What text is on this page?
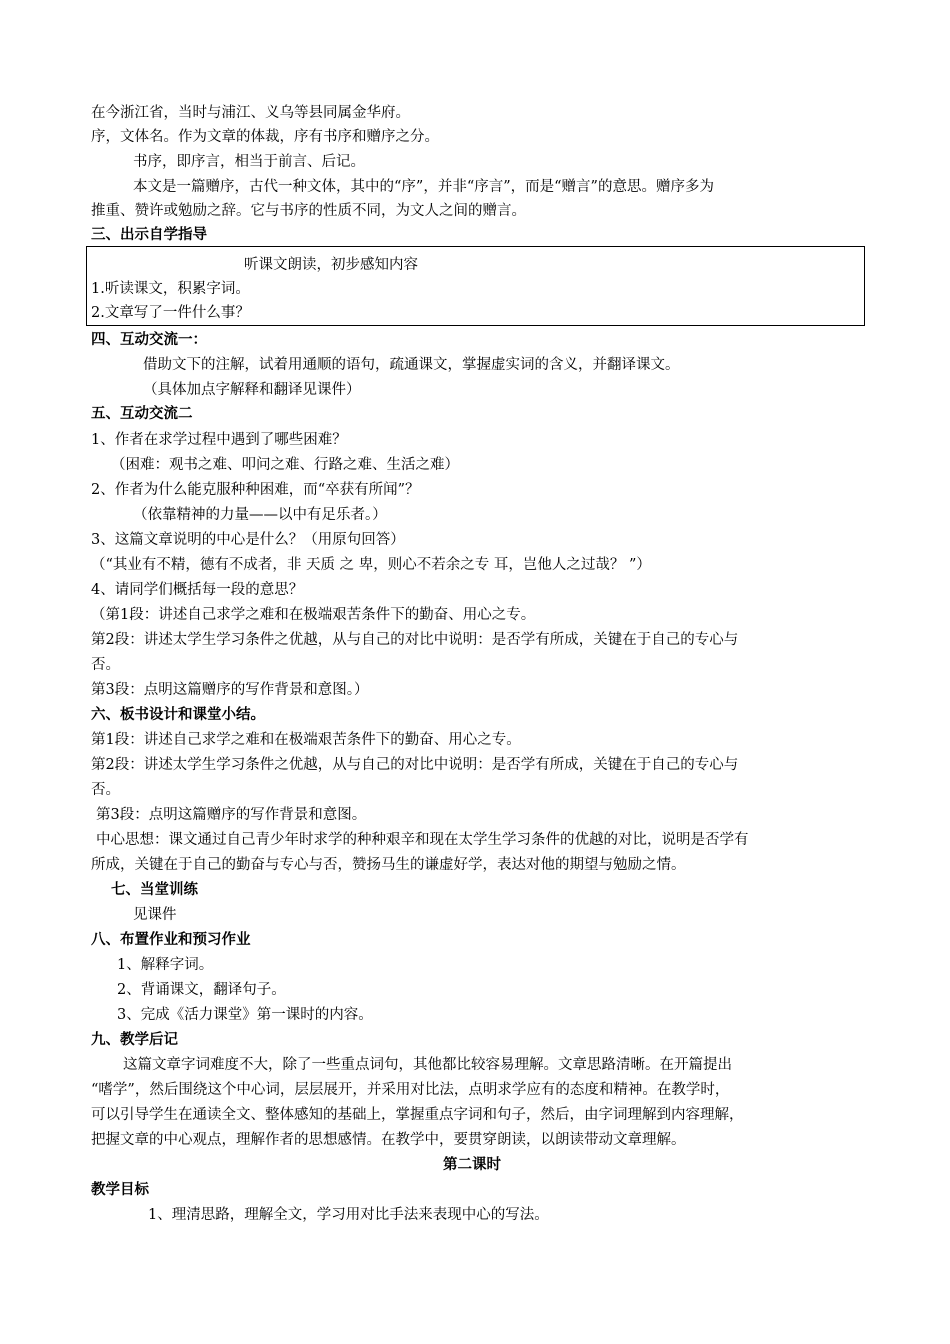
在今浙江省，当时与浦江、义乌等县同属金华府。
序，文体名。作为文章的体裁，序有书序和赠序之分。
书序，即序言，相当于前言、后记。
本文是一篇赠序，古代一种文体，其中的“序”，并非“序言”，而是“赠言”的意思。赠序多为
推重、赞许或勉励之辞。它与书序的性质不同，为文人之间的赠言。
三、出示自学指导
听课文朗读，初步感知内容
1.听读课文，积累字词。
2.文章写了一件什么事？
四、互动交流一：
借助文下的注解，试着用通顺的语句，疏通课文，掌握虚实词的含义，并翻译课文。
（具体加点字解释和翻译见课件）
五、互动交流二
1、作者在求学过程中遇到了哪些困难？
（困难：观书之难、叩问之难、行路之难、生活之难）
2、作者为什么能克服种种困难，而“卒获有所闻”？
（依靠精神的力量——以中有足乐者。）
3、这篇文章说明的中心是什么？（用原句回答）
（“其业有不精，德有不成者，非 天质 之 卑，则心不若余之专 耳，岂他人之过哉？ ”）
4、请同学们概括每一段的意思？
（第1段：讲述自己求学之难和在极端艰苦条件下的勤奋、用心之专。
第2段：讲述太学生学习条件之优越，从与自己的对比中说明：是否学有所成，关键在于自己的专心与
否。
第3段：点明这篇赠序的写作背景和意图。）
六、板书设计和课堂小结。
第1段：讲述自己求学之难和在极端艰苦条件下的勤奋、用心之专。
第2段：讲述太学生学习条件之优越，从与自己的对比中说明：是否学有所成，关键在于自己的专心与
否。
第3段：点明这篇赠序的写作背景和意图。
中心思想：课文通过自己青少年时求学的种种艰辛和现在太学生学习条件的优越的对比，说明是否学有
所成，关键在于自己的勤奋与专心与否，赞扬马生的谦虚好学，表达对他的期望与勉励之情。
七、当堂训练
见课件
八、布置作业和预习作业
1、解释字词。
2、背诵课文，翻译句子。
3、完成《活力课堂》第一课时的内容。
九、教学后记
这篇文章字词难度不大，除了一些重点词句，其他都比较容易理解。文章思路清晰。在开篇提出
“嗜学”，然后围绕这个中心词，层层展开，并采用对比法，点明求学应有的态度和精神。在教学时，
可以引导学生在通读全文、整体感知的基础上，掌握重点字词和句子，然后，由字词理解到内容理解，
把握文章的中心观点，理解作者的思想感情。在教学中，要贯穿朗读，以朗读带动文章理解。
第二课时
教学目标
1、理清思路，理解全文，学习用对比手法来表现中心的写法。
